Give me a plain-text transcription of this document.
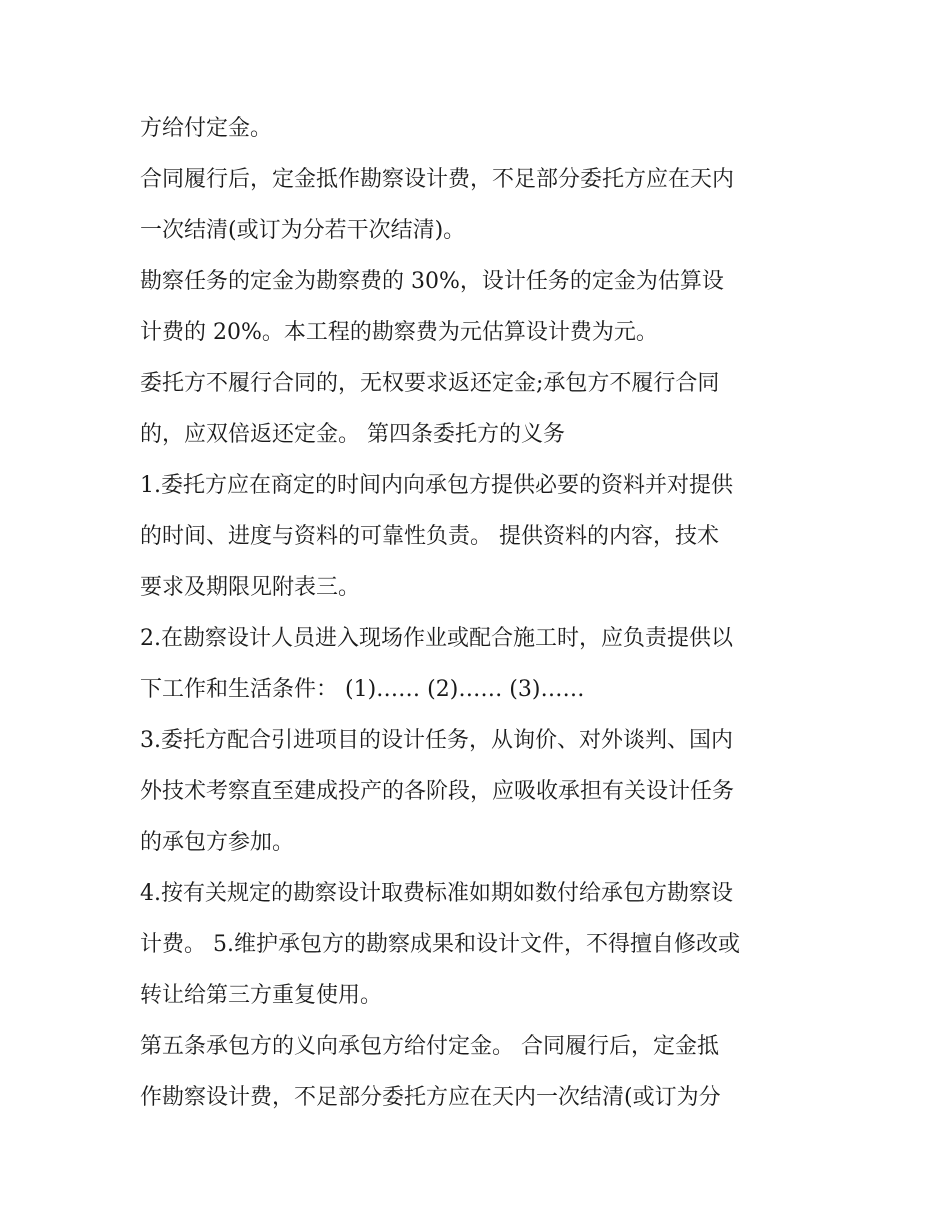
方给付定金。

合同履行后，定金抵作勘察设计费，不足部分委托方应在天内
一次结清(或订为分若干次结清)。

勘察任务的定金为勘察费的 30%，设计任务的定金为估算设
计费的 20%。本工程的勘察费为元估算设计费为元。

委托方不履行合同的，无权要求返还定金;承包方不履行合同
的，应双倍返还定金。 第四条委托方的义务

1.委托方应在商定的时间内向承包方提供必要的资料并对提供
的时间、进度与资料的可靠性负责。 提供资料的内容，技术
要求及期限见附表三。

2.在勘察设计人员进入现场作业或配合施工时，应负责提供以
下工作和生活条件： (1)…… (2)…… (3)……

3.委托方配合引进项目的设计任务，从询价、对外谈判、国内
外技术考察直至建成投产的各阶段，应吸收承担有关设计任务
的承包方参加。

4.按有关规定的勘察设计取费标准如期如数付给承包方勘察设
计费。 5.维护承包方的勘察成果和设计文件，不得擅自修改或
转让给第三方重复使用。

第五条承包方的义向承包方给付定金。 合同履行后，定金抵
作勘察设计费，不足部分委托方应在天内一次结清(或订为分
